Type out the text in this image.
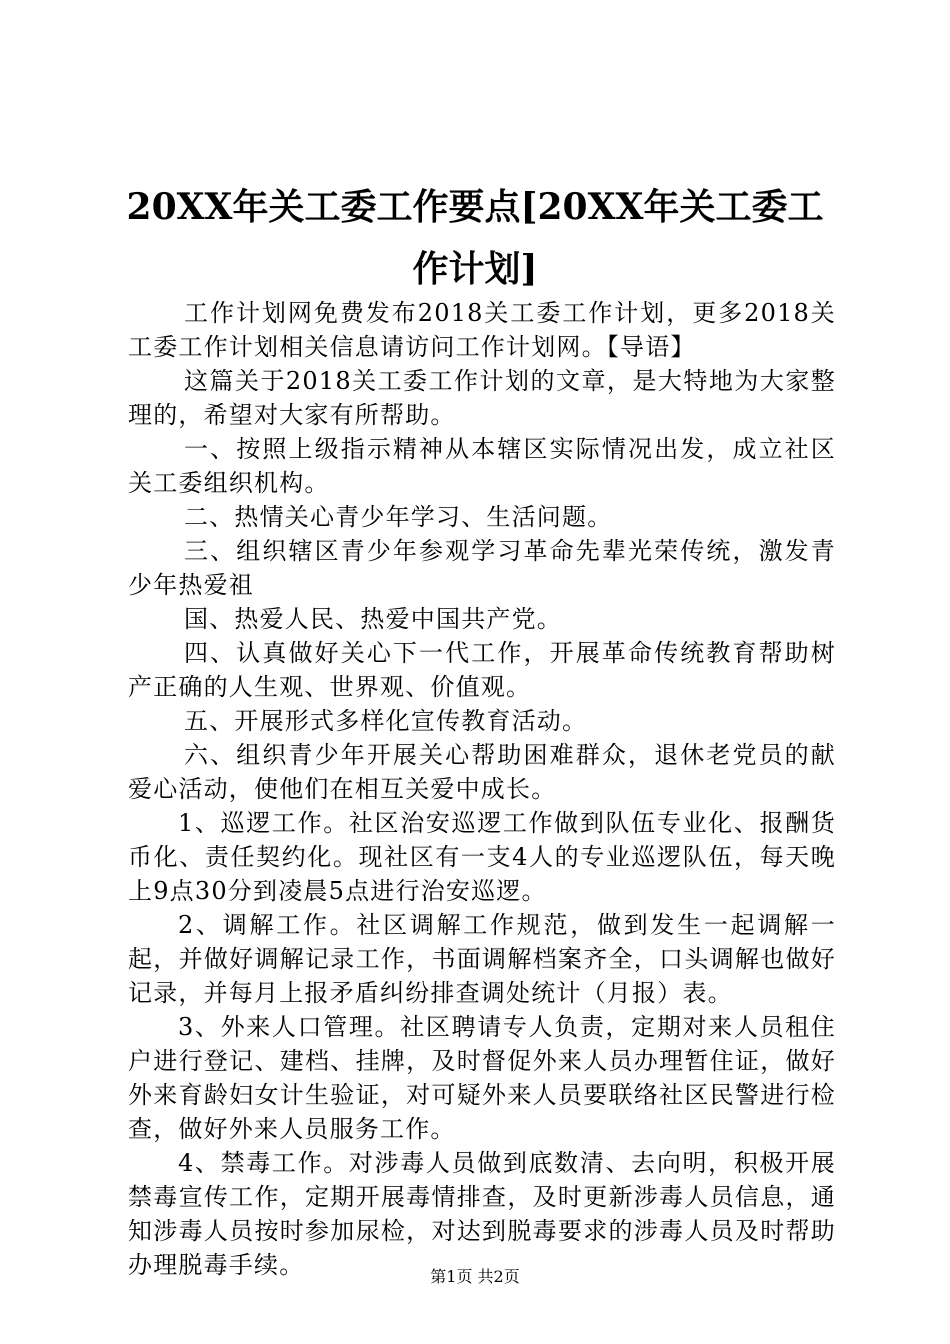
20XX年关工委工作要点[20XX年关工委工作计划]

工作计划网免费发布2018关工委工作计划，更多2018关工委工作计划相关信息请访问工作计划网。【导语】

这篇关于2018关工委工作计划的文章，是大特地为大家整理的，希望对大家有所帮助。

一、按照上级指示精神从本辖区实际情况出发，成立社区关工委组织机构。

二、热情关心青少年学习、生活问题。

三、组织辖区青少年参观学习革命先辈光荣传统，激发青少年热爱祖

国、热爱人民、热爱中国共产党。

四、认真做好关心下一代工作，开展革命传统教育帮助树产正确的人生观、世界观、价值观。

五、开展形式多样化宣传教育活动。

六、组织青少年开展关心帮助困难群众，退休老党员的献爱心活动，使他们在相互关爱中成长。

1、巡逻工作。社区治安巡逻工作做到队伍专业化、报酬货币化、责任契约化。现社区有一支4人的专业巡逻队伍，每天晚上9点30分到凌晨5点进行治安巡逻。

2、调解工作。社区调解工作规范，做到发生一起调解一起，并做好调解记录工作，书面调解档案齐全，口头调解也做好记录，并每月上报矛盾纠纷排查调处统计（月报）表。

3、外来人口管理。社区聘请专人负责，定期对来人员租住户进行登记、建档、挂牌，及时督促外来人员办理暂住证，做好外来育龄妇女计生验证，对可疑外来人员要联络社区民警进行检查，做好外来人员服务工作。

4、禁毒工作。对涉毒人员做到底数清、去向明，积极开展禁毒宣传工作，定期开展毒情排查，及时更新涉毒人员信息，通知涉毒人员按时参加尿检，对达到脱毒要求的涉毒人员及时帮助办理脱毒手续。	第1页 共2页
